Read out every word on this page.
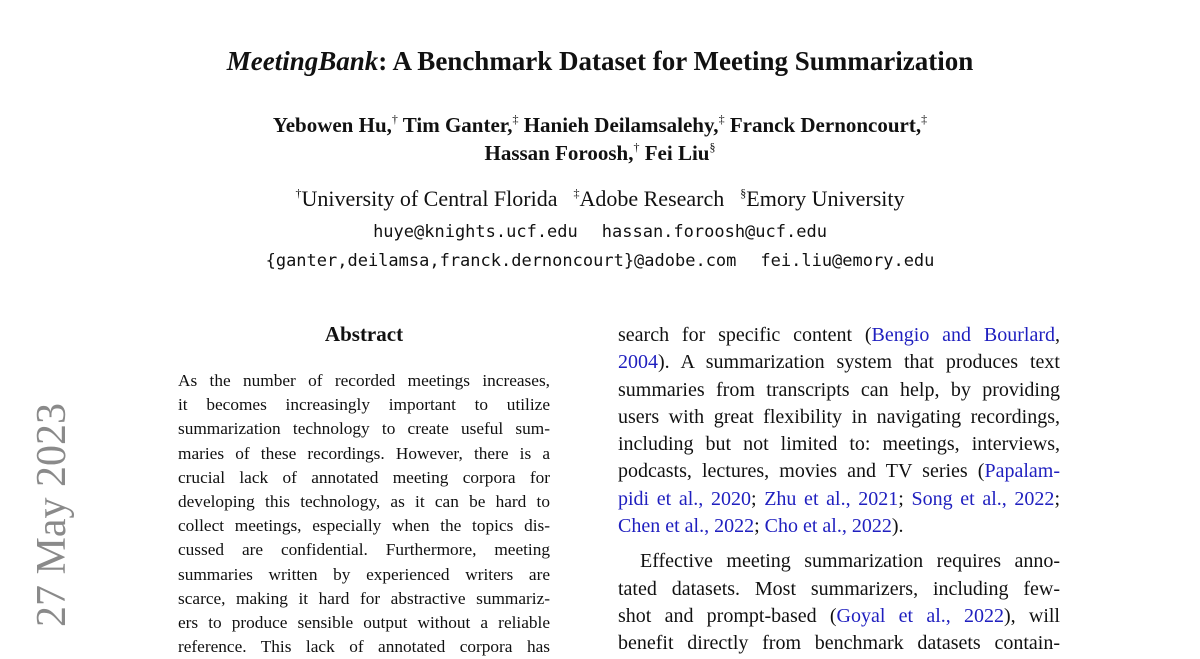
MeetingBank: A Benchmark Dataset for Meeting Summarization
Yebowen Hu,† Tim Ganter,‡ Hanieh Deilamsalehy,‡ Franck Dernoncourt,‡
Hassan Foroosh,† Fei Liu§
†University of Central Florida ‡Adobe Research §Emory University
huye@knights.ucf.edu hassan.foroosh@ucf.edu
{ganter,deilamsa,franck.dernoncourt}@adobe.com fei.liu@emory.edu
27 May 2023
Abstract
As the number of recorded meetings increases,
it becomes increasingly important to utilize
summarization technology to create useful sum-
maries of these recordings. However, there is a
crucial lack of annotated meeting corpora for
developing this technology, as it can be hard to
collect meetings, especially when the topics dis-
cussed are confidential. Furthermore, meeting
summaries written by experienced writers are
scarce, making it hard for abstractive summariz-
ers to produce sensible output without a reliable
reference. This lack of annotated corpora has
search for specific content (Bengio and Bourlard,
2004). A summarization system that produces text
summaries from transcripts can help, by providing
users with great flexibility in navigating recordings,
including but not limited to: meetings, interviews,
podcasts, lectures, movies and TV series (Papalam-
pidi et al., 2020; Zhu et al., 2021; Song et al., 2022;
Chen et al., 2022; Cho et al., 2022).
Effective meeting summarization requires anno-
tated datasets. Most summarizers, including few-
shot and prompt-based (Goyal et al., 2022), will
benefit directly from benchmark datasets contain-
